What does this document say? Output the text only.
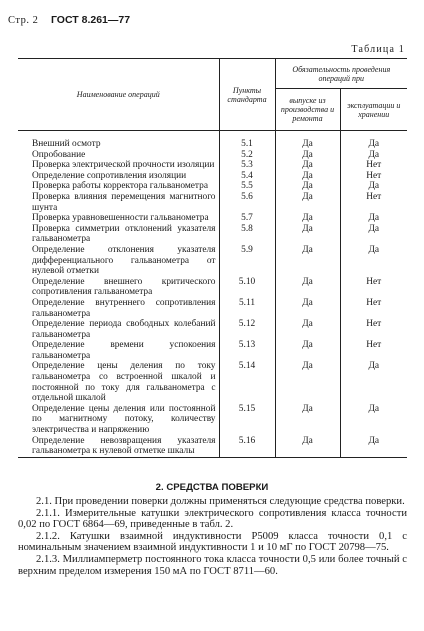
Стр. 2 ГОСТ 8.261—77
Таблица 1
Наименование операций	Пункты стандарта	Обязательность проведения операций при	
		выпуске из производства и ремонта	эксплуатации и хранении
Внешний осмотр	5.1	Да	Да
Опробование	5.2	Да	Да
Проверка электрической прочности изоляции	5.3	Да	Нет
Определение сопротивления изоляции	5.4	Да	Нет
Проверка работы корректора гальванометра	5.5	Да	Да
Проверка влияния перемещения магнитного шунта	5.6	Да	Нет
Проверка уравновешенности гальванометра	5.7	Да	Да
Проверка симметрии отклонений указателя гальванометра	5.8	Да	Да
Определение отклонения указателя дифференциального гальванометра от нулевой отметки	5.9	Да	Да
Определение внешнего критического сопротивления гальванометра	5.10	Да	Нет
Определение внутреннего сопротивления гальванометра	5.11	Да	Нет
Определение периода свободных колебаний гальванометра	5.12	Да	Нет
Определение времени успокоения гальванометра	5.13	Да	Нет
Определение цены деления по току гальванометра со встроенной шкалой и постоянной по току для гальванометра с отдельной шкалой	5.14	Да	Да
Определение цены деления или постоянной по магнитному потоку, количеству электричества и напряжению	5.15	Да	Да
Определение невозвращения указателя гальванометра к нулевой отметке шкалы	5.16	Да	Да
2. СРЕДСТВА ПОВЕРКИ

2.1. При проведении поверки должны применяться следующие средства поверки.

2.1.1. Измерительные катушки электрического сопротивления класса точности 0,02 по ГОСТ 6864—69, приведенные в табл. 2.

2.1.2. Катушки взаимной индуктивности Р5009 класса точности 0,1 с номинальным значением взаимной индуктивности 1 и 10 мГ по ГОСТ 20798—75.

2.1.3. Миллиамперметр постоянного тока класса точности 0,5 или более точный с верхним пределом измерения 150 мА по ГОСТ 8711—60.
